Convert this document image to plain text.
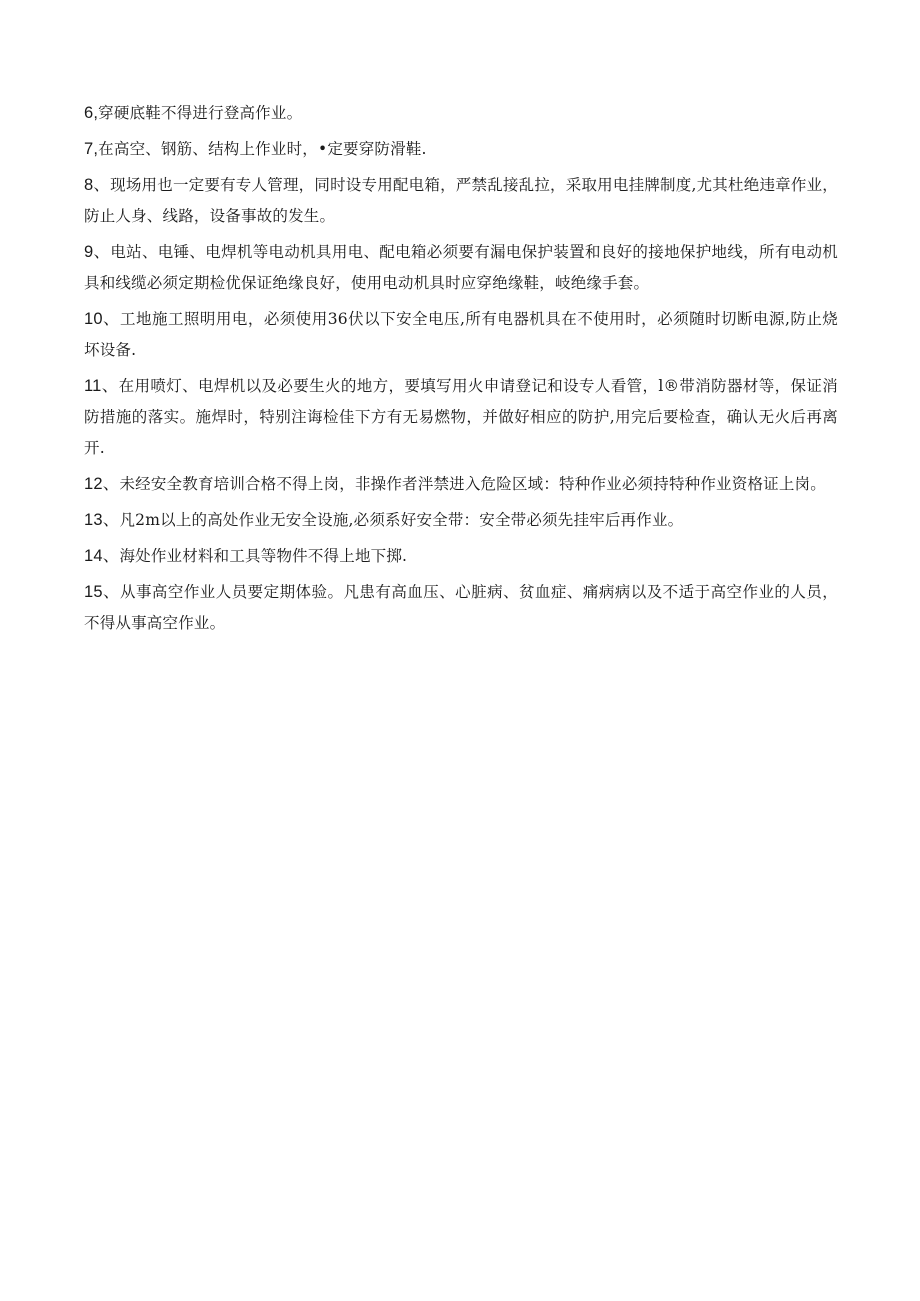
6,穿硬底鞋不得进行登高作业。

7,在高空、钢筋、结构上作业时，•定要穿防滑鞋.

8、现场用也一定要有专人管理，同时设专用配电箱，严禁乱接乱拉，采取用电挂牌制度,尤其杜绝违章作业，防止人身、线路，设备事故的发生。

9、电站、电锤、电焊机等电动机具用电、配电箱必须要有漏电保护装置和良好的接地保护地线，所有电动机具和线缆必须定期检优保证绝缘良好，使用电动机具时应穿绝缘鞋，岐绝缘手套。

10、工地施工照明用电，必须使用36伏以下安全电压,所有电器机具在不使用时，必须随时切断电源,防止烧坏设备.

11、在用喷灯、电焊机以及必要生火的地方，要填写用火申请登记和设专人看管，l®带消防器材等，保证消防措施的落实。施焊时，特别注诲检佳下方有无易燃物，并做好相应的防护,用完后要检查，确认无火后再离开.

12、未经安全教育培训合格不得上岗，非操作者泮禁进入危险区域：特种作业必须持特种作业资格证上岗。

13、凡2m以上的高处作业无安全设施,必须系好安全带：安全带必须先挂牢后再作业。

14、海处作业材料和工具等物件不得上地下掷.

15、从事高空作业人员要定期体验。凡患有高血压、心脏病、贫血症、痛病病以及不适于高空作业的人员，不得从事高空作业。
